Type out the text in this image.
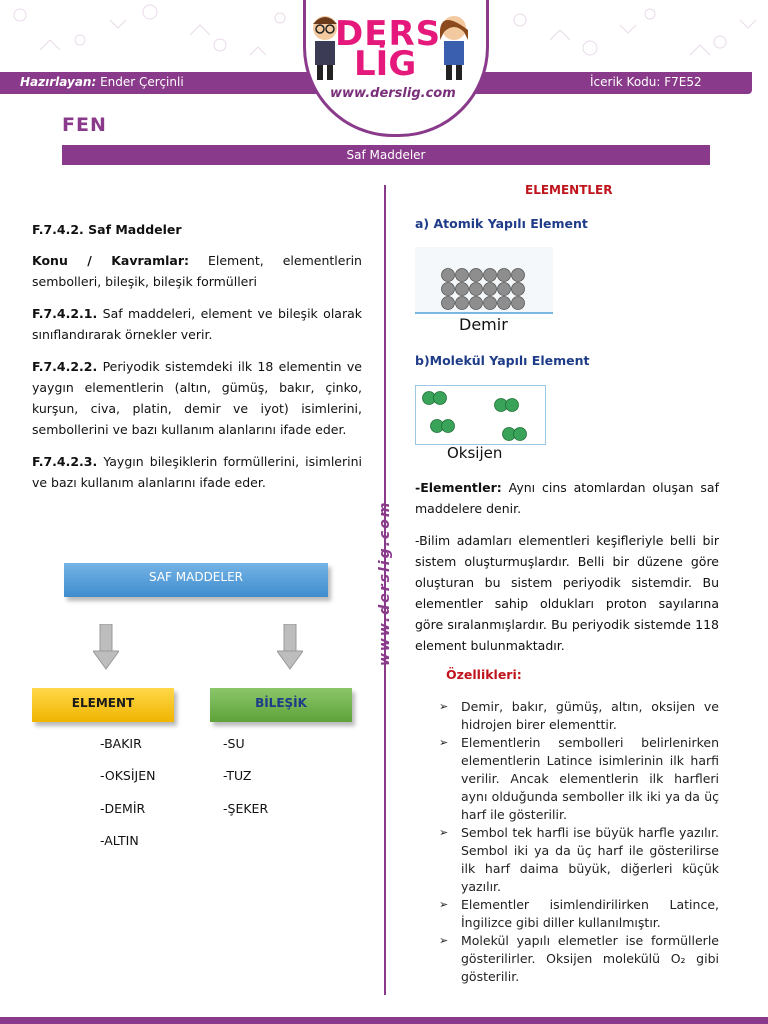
Hazırlayan: Ender Çerçinli	İcerik Kodu: F7E52
DERS
LİG
www.derslig.com
FEN
Saf Maddeler
www.derslig.com
F.7.4.2. Saf Maddeler
Konu / Kavramlar: Element, elementlerin sembolleri, bileşik, bileşik formülleri
F.7.4.2.1. Saf maddeleri, element ve bileşik olarak sınıflandırarak örnekler verir.
F.7.4.2.2. Periyodik sistemdeki ilk 18 elementin ve yaygın elementlerin (altın, gümüş, bakır, çinko, kurşun, civa, platin, demir ve iyot) isimlerini, sembollerini ve bazı kullanım alanlarını ifade eder.
F.7.4.2.3. Yaygın bileşiklerin formüllerini, isimlerini ve bazı kullanım alanlarını ifade eder.
SAF MADDELER
ELEMENT	BİLEŞİK
-BAKIR
-OKSİJEN
-DEMİR
-ALTIN
-SU
-TUZ
-ŞEKER
ELEMENTLER
a) Atomik Yapılı Element
Demir
b)Molekül Yapılı Element
Oksijen
-Elementler: Aynı cins atomlardan oluşan saf maddelere denir.
-Bilim adamları elementleri keşifleriyle belli bir sistem oluşturmuşlardır. Belli bir düzene göre oluşturan bu sistem periyodik sistemdir. Bu elementler sahip oldukları proton sayılarına göre sıralanmışlardır. Bu periyodik sistemde 118 element bulunmaktadır.
Özellikleri:
➢ Demir, bakır, gümüş, altın, oksijen ve hidrojen birer elementtir.
➢ Elementlerin sembolleri belirlenirken elementlerin Latince isimlerinin ilk harfi verilir. Ancak elementlerin ilk harfleri aynı olduğunda semboller ilk iki ya da üç harf ile gösterilir.
➢ Sembol tek harfli ise büyük harfle yazılır. Sembol iki ya da üç harf ile gösterilirse ilk harf daima büyük, diğerleri küçük yazılır.
➢ Elementler isimlendirilirken Latince, İngilizce gibi diller kullanılmıştır.
➢ Molekül yapılı elemetler ise formüllerle gösterilirler. Oksijen molekülü O₂ gibi gösterilir.
